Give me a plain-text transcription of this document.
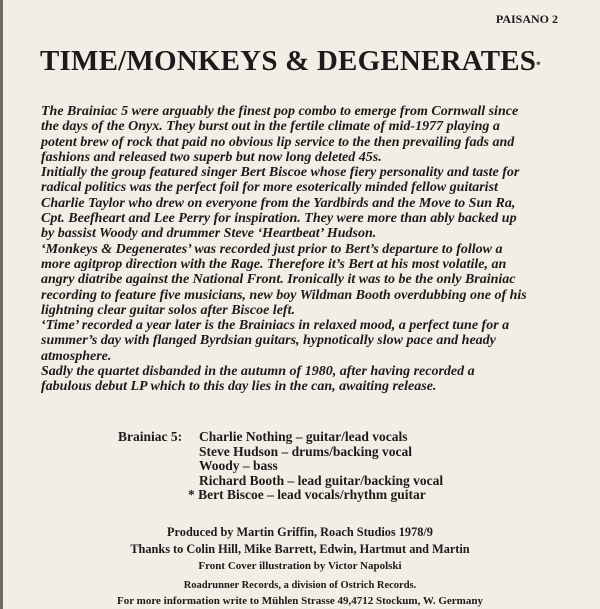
PAISANO 2
TIME/MONKEYS & DEGENERATES*
The Brainiac 5 were arguably the finest pop combo to emerge from Cornwall since
the days of the Onyx. They burst out in the fertile climate of mid-1977 playing a
potent brew of rock that paid no obvious lip service to the then prevailing fads and
fashions and released two superb but now long deleted 45s.
Initially the group featured singer Bert Biscoe whose fiery personality and taste for
radical politics was the perfect foil for more esoterically minded fellow guitarist
Charlie Taylor who drew on everyone from the Yardbirds and the Move to Sun Ra,
Cpt. Beefheart and Lee Perry for inspiration. They were more than ably backed up
by bassist Woody and drummer Steve ‘Heartbeat’ Hudson.
‘Monkeys & Degenerates’ was recorded just prior to Bert’s departure to follow a
more agitprop direction with the Rage. Therefore it’s Bert at his most volatile, an
angry diatribe against the National Front. Ironically it was to be the only Brainiac
recording to feature five musicians, new boy Wildman Booth overdubbing one of his
lightning clear guitar solos after Biscoe left.
‘Time’ recorded a year later is the Brainiacs in relaxed mood, a perfect tune for a
summer’s day with flanged Byrdsian guitars, hypnotically slow pace and heady
atmosphere.
Sadly the quartet disbanded in the autumn of 1980, after having recorded a
fabulous debut LP which to this day lies in the can, awaiting release.
Brainiac 5:	Charlie Nothing – guitar/lead vocals
Steve Hudson – drums/backing vocal
Woody – bass
Richard Booth – lead guitar/backing vocal
* Bert Biscoe – lead vocals/rhythm guitar
Produced by Martin Griffin, Roach Studios 1978/9
Thanks to Colin Hill, Mike Barrett, Edwin, Hartmut and Martin
Front Cover illustration by Victor Napolski
Roadrunner Records, a division of Ostrich Records.
For more information write to Mühlen Strasse 49,4712 Stockum, W. Germany
